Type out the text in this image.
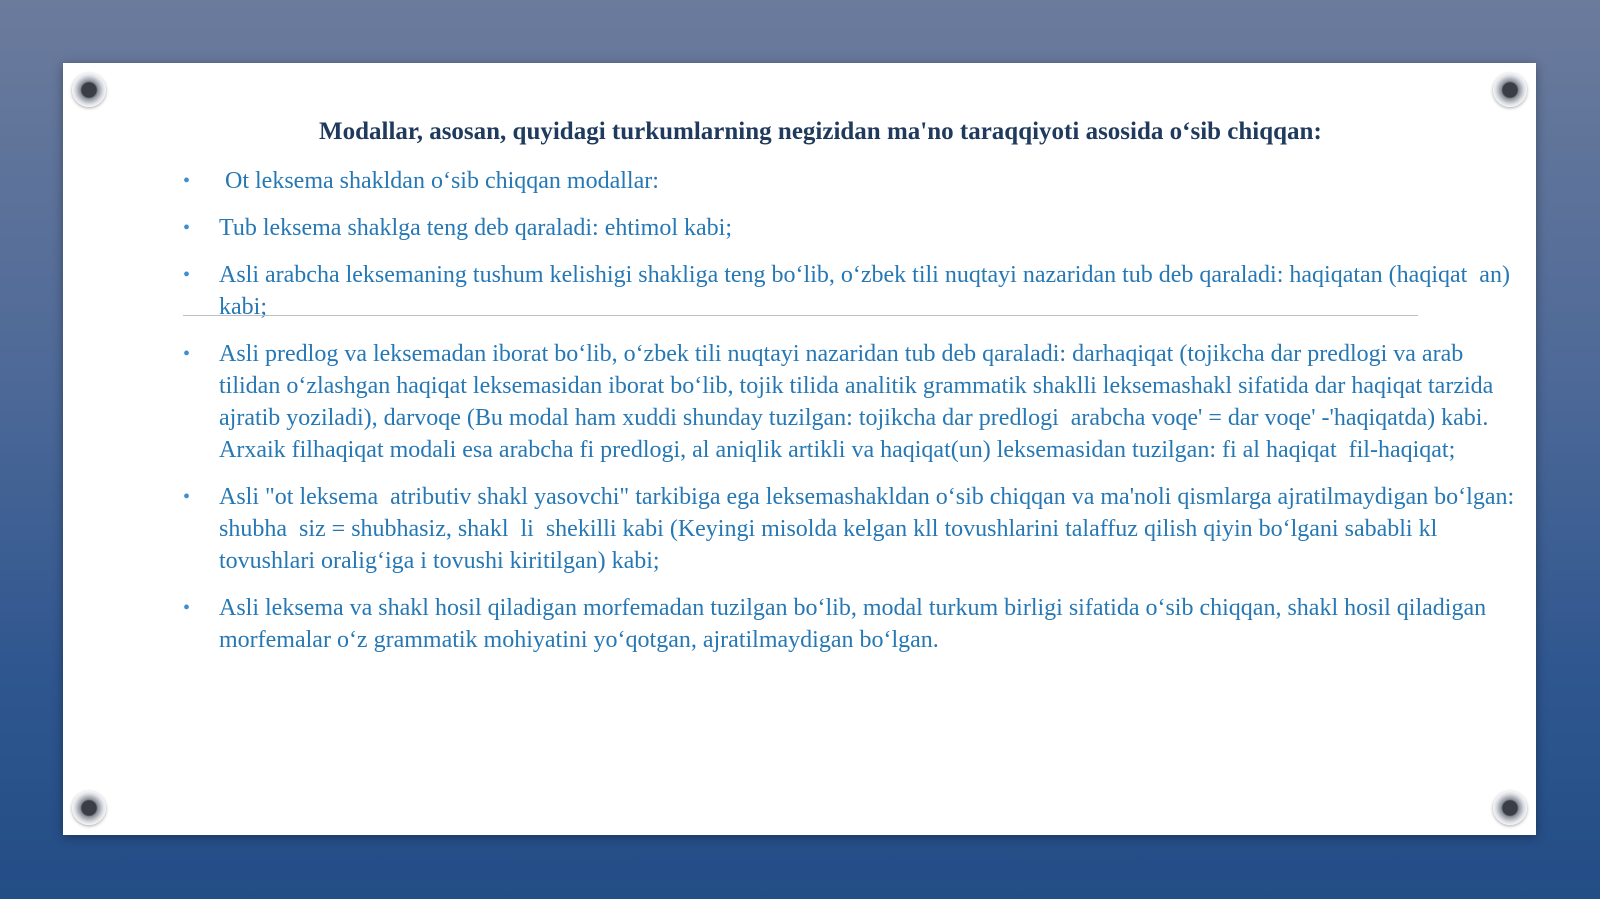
Modallar, asosan, quyidagi turkumlarning negizidan ma'no taraqqiyoti asosida o‘sib chiqqan:
• Ot leksema shakldan o‘sib chiqqan modallar:
• Tub leksema shaklga teng deb qaraladi: ehtimol kabi;
• Asli arabcha leksemaning tushum kelishigi shakliga teng bo‘lib, o‘zbek tili nuqtayi nazaridan tub deb qaraladi: haqiqatan (haqiqat  an) kabi;
• Asli predlog va leksemadan iborat bo‘lib, o‘zbek tili nuqtayi nazaridan tub deb qaraladi: darhaqiqat (tojikcha dar predlogi va arab tilidan o‘zlashgan haqiqat leksemasidan iborat bo‘lib, tojik tilida analitik grammatik shaklli leksemashakl sifatida dar haqiqat tarzida ajratib yoziladi), darvoqe (Bu modal ham xuddi shunday tuzilgan: tojikcha dar predlogi  arabcha voqe' = dar voqe' -'haqiqatda) kabi. Arxaik filhaqiqat modali esa arabcha fi predlogi, al aniqlik artikli va haqiqat(un) leksemasidan tuzilgan: fi al haqiqat  fil-haqiqat;
• Asli "ot leksema  atributiv shakl yasovchi" tarkibiga ega leksemashakldan o‘sib chiqqan va ma'noli qismlarga ajratilmaydigan bo‘lgan: shubha  siz = shubhasiz, shakl  li  shekilli kabi (Keyingi misolda kelgan kll tovushlarini talaffuz qilish qiyin bo‘lgani sababli kl tovushlari oralig‘iga i tovushi kiritilgan) kabi;
• Asli leksema va shakl hosil qiladigan morfemadan tuzilgan bo‘lib, modal turkum birligi sifatida o‘sib chiqqan, shakl hosil qiladigan morfemalar o‘z grammatik mohiyatini yo‘qotgan, ajratilmaydigan bo‘lgan.
